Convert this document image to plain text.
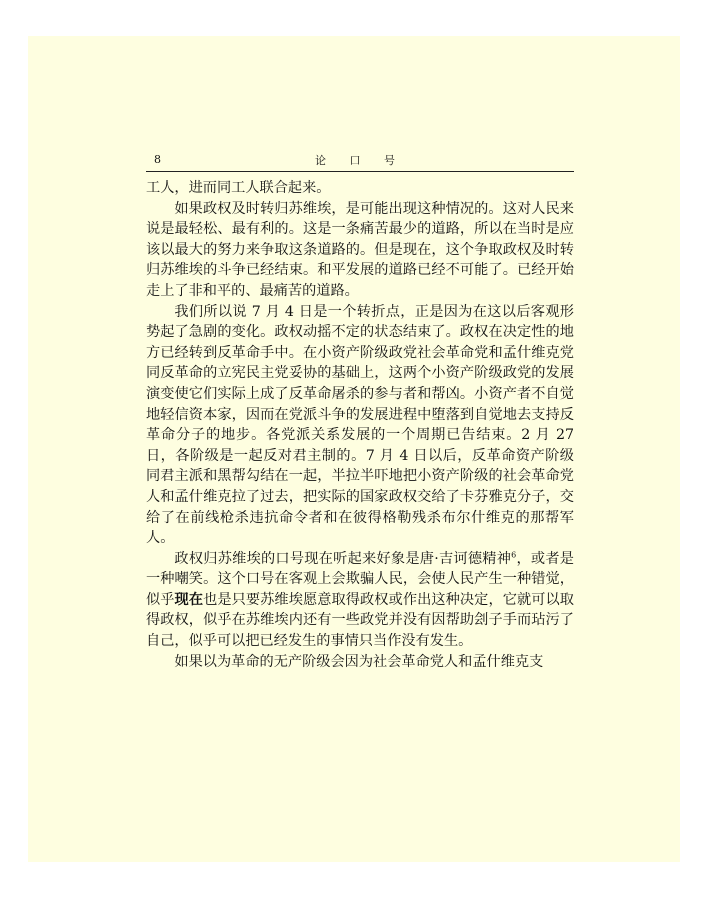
8	论 口 号

工人，进而同工人联合起来。

如果政权及时转归苏维埃，是可能出现这种情况的。这对人民来说是最轻松、最有利的。这是一条痛苦最少的道路，所以在当时是应该以最大的努力来争取这条道路的。但是现在，这个争取政权及时转归苏维埃的斗争已经结束。和平发展的道路已经不可能了。已经开始走上了非和平的、最痛苦的道路。

我们所以说 7 月 4 日是一个转折点，正是因为在这以后客观形势起了急剧的变化。政权动摇不定的状态结束了。政权在决定性的地方已经转到反革命手中。在小资产阶级政党社会革命党和孟什维克党同反革命的立宪民主党妥协的基础上，这两个小资产阶级政党的发展演变使它们实际上成了反革命屠杀的参与者和帮凶。小资产者不自觉地轻信资本家，因而在党派斗争的发展进程中堕落到自觉地去支持反革命分子的地步。各党派关系发展的一个周期已告结束。2 月 27 日，各阶级是一起反对君主制的。7 月 4 日以后，反革命资产阶级同君主派和黑帮勾结在一起，半拉半吓地把小资产阶级的社会革命党人和孟什维克拉了过去，把实际的国家政权交给了卡芬雅克分子，交给了在前线枪杀违抗命令者和在彼得格勒残杀布尔什维克的那帮军人。

政权归苏维埃的口号现在听起来好象是唐·吉诃德精神$^6$，或者是一种嘲笑。这个口号在客观上会欺骗人民，会使人民产生一种错觉，似乎现在也是只要苏维埃愿意取得政权或作出这种决定，它就可以取得政权，似乎在苏维埃内还有一些政党并没有因帮助刽子手而玷污了自己，似乎可以把已经发生的事情只当作没有发生。

如果以为革命的无产阶级会因为社会革命党人和孟什维克支
